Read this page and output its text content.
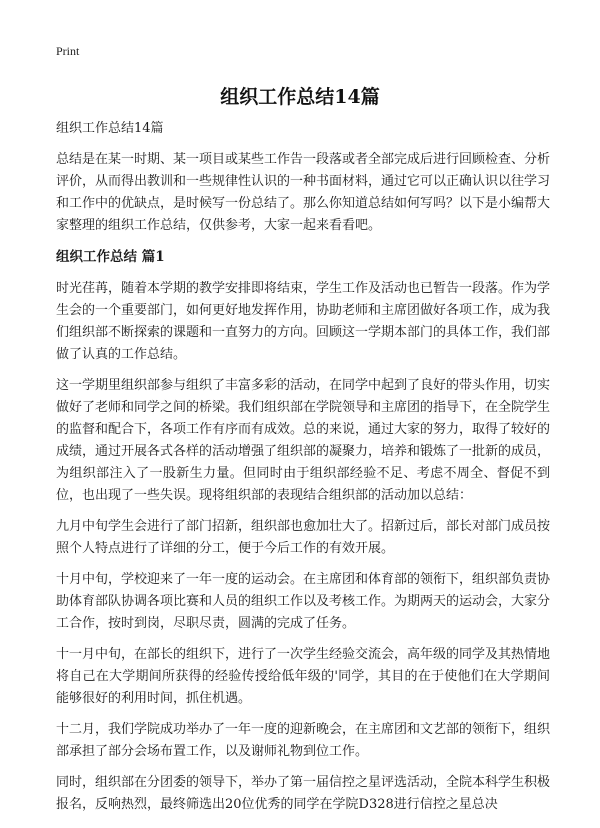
Print
组织工作总结14篇

组织工作总结14篇

总结是在某一时期、某一项目或某些工作告一段落或者全部完成后进行回顾检查、分析评价，从而得出教训和一些规律性认识的一种书面材料，通过它可以正确认识以往学习和工作中的优缺点，是时候写一份总结了。那么你知道总结如何写吗？以下是小编帮大家整理的组织工作总结，仅供参考，大家一起来看看吧。

组织工作总结 篇1

时光荏苒，随着本学期的教学安排即将结束，学生工作及活动也已暂告一段落。作为学生会的一个重要部门，如何更好地发挥作用，协助老师和主席团做好各项工作，成为我们组织部不断探索的课题和一直努力的方向。回顾这一学期本部门的具体工作，我们部做了认真的工作总结。

这一学期里组织部参与组织了丰富多彩的活动，在同学中起到了良好的带头作用，切实做好了老师和同学之间的桥梁。我们组织部在学院领导和主席团的指导下，在全院学生的监督和配合下，各项工作有序而有成效。总的来说，通过大家的努力，取得了较好的成绩，通过开展各式各样的活动增强了组织部的凝聚力，培养和锻炼了一批新的成员，为组织部注入了一股新生力量。但同时由于组织部经验不足、考虑不周全、督促不到位，也出现了一些失误。现将组织部的表现结合组织部的活动加以总结：

九月中旬学生会进行了部门招新，组织部也愈加壮大了。招新过后，部长对部门成员按照个人特点进行了详细的分工，便于今后工作的有效开展。

十月中旬，学校迎来了一年一度的运动会。在主席团和体育部的领衔下，组织部负责协助体育部队协调各项比赛和人员的组织工作以及考核工作。为期两天的运动会，大家分工合作，按时到岗，尽职尽责，圆满的完成了任务。

十一月中旬，在部长的组织下，进行了一次学生经验交流会，高年级的同学及其热情地将自己在大学期间所获得的经验传授给低年级的'同学，其目的在于使他们在大学期间能够很好的利用时间，抓住机遇。

十二月，我们学院成功举办了一年一度的迎新晚会，在主席团和文艺部的领衔下，组织部承担了部分会场布置工作，以及谢师礼物到位工作。

同时，组织部在分团委的领导下，举办了第一届信控之星评选活动，全院本科学生积极报名，反响热烈，最终筛选出20位优秀的同学在学院D328进行信控之星总决
